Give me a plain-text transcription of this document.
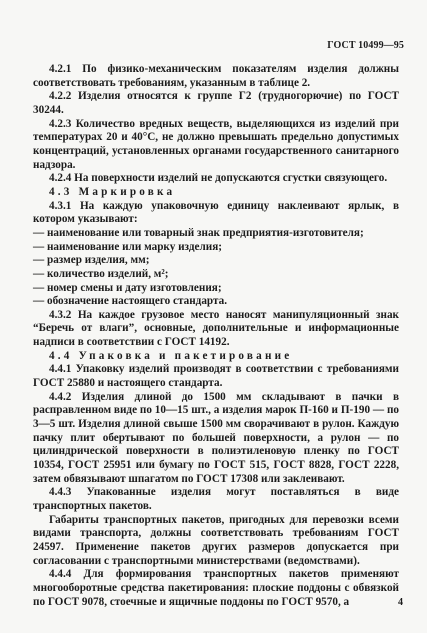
ГОСТ 10499—95

4.2.1 По физико-механическим показателям изделия должны соответствовать требованиям, указанным в таблице 2.

4.2.2 Изделия относятся к группе Г2 (трудногорючие) по ГОСТ 30244.

4.2.3 Количество вредных веществ, выделяющихся из изделий при температурах 20 и 40°С, не должно превышать предельно допустимых концентраций, установленных органами государственного санитарного надзора.

4.2.4 На поверхности изделий не допускаются сгустки связующего.

4.3 Маркировка

4.3.1 На каждую упаковочную единицу наклеивают ярлык, в котором указывают:

— наименование или товарный знак предприятия-изготовителя;

— наименование или марку изделия;

— размер изделия, мм;

— количество изделий, м²;

— номер смены и дату изготовления;

— обозначение настоящего стандарта.

4.3.2 На каждое грузовое место наносят манипуляционный знак “Беречь от влаги”, основные, дополнительные и информационные надписи в соответствии с ГОСТ 14192.

4.4 Упаковка и пакетирование

4.4.1 Упаковку изделий производят в соответствии с требованиями ГОСТ 25880 и настоящего стандарта.

4.4.2 Изделия длиной до 1500 мм складывают в пачки в расправленном виде по 10—15 шт., а изделия марок П-160 и П-190 — по 3—5 шт. Изделия длиной свыше 1500 мм сворачивают в рулон. Каждую пачку плит обертывают по большей поверхности, а рулон — по цилиндрической поверхности в полиэтиленовую пленку по ГОСТ 10354, ГОСТ 25951 или бумагу по ГОСТ 515, ГОСТ 8828, ГОСТ 2228, затем обвязывают шпагатом по ГОСТ 17308 или заклеивают.

4.4.3 Упакованные изделия могут поставляться в виде транспортных пакетов.

Габариты транспортных пакетов, пригодных для перевозки всеми видами транспорта, должны соответствовать требованиям ГОСТ 24597. Применение пакетов других размеров допускается при согласовании с транспортными министерствами (ведомствами).

4.4.4 Для формирования транспортных пакетов применяют многооборотные средства пакетирования: плоские поддоны с обвязкой по ГОСТ 9078, стоечные и ящичные поддоны по ГОСТ 9570, а	4
